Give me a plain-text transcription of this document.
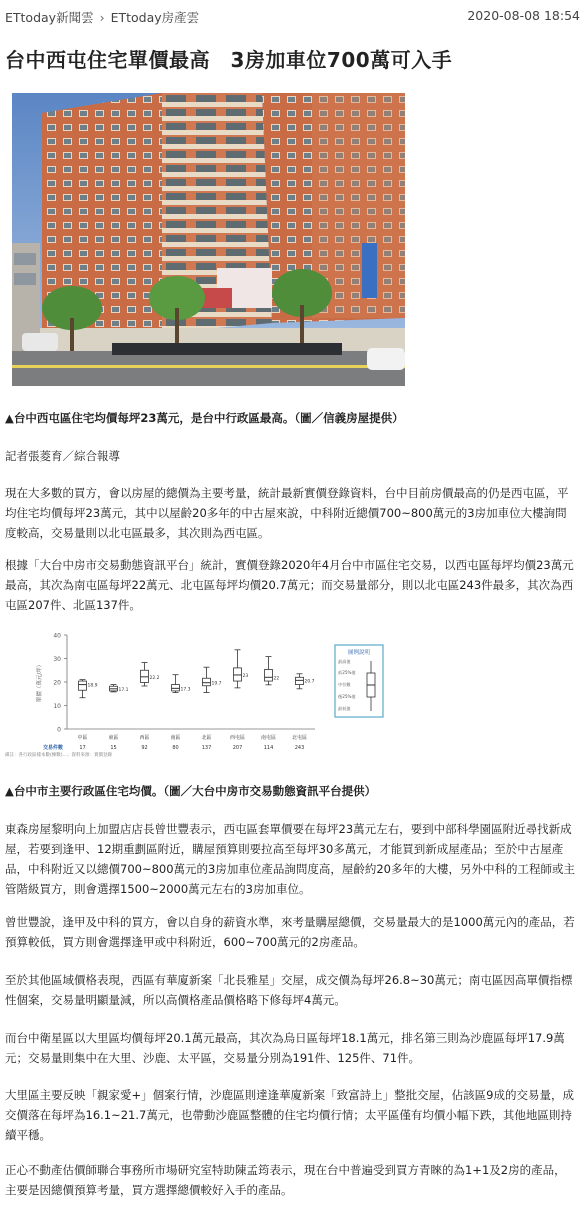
ETtoday新聞雲 › ETtoday房產雲	2020-08-08 18:54
台中西屯住宅單價最高　3房加車位700萬可入手
▲台中西屯區住宅均價每坪23萬元，是台中行政區最高。（圖／信義房屋提供）
記者張菱育／綜合報導
現在大多數的買方，會以房屋的總價為主要考量，統計最新實價登錄資料，台中目前房價最高的仍是西屯區，平均住宅均價每坪23萬元，其中以屋齡20多年的中古屋來說，中科附近總價700~800萬元的3房加車位大樓詢問度較高，交易量則以北屯區最多，其次則為西屯區。
根據「大台中房市交易動態資訊平台」統計，實價登錄2020年4月台中市區住宅交易，以西屯區每坪均價23萬元最高，其次為南屯區每坪22萬元、北屯區每坪均價20.7萬元；而交易量部分，則以北屯區243件最多，其次為西屯區207件、北區137件。
0
10
20
30
40
單價（萬元/坪）	18.9
中區
17
17.1
東區
15
22.2
西區
92
17.3
南區
80
19.7
北區
137
23
西屯區
207
22
南屯區
114
20.7
北屯區
243
交易件數
備註：各行政區樣本數(棟數)…；資料來源：實價登錄
圖例說明
最高值
前25%值
中位數
後25%值
最低值
▲台中市主要行政區住宅均價。（圖／大台中房市交易動態資訊平台提供）
東森房屋黎明向上加盟店店長曾世豐表示，西屯區套單價要在每坪23萬元左右，要到中部科學園區附近尋找新成屋，若要到逢甲、12期重劃區附近，購屋預算則要拉高至每坪30多萬元，才能買到新成屋產品；至於中古屋產品，中科附近又以總價700~800萬元的3房加車位產品詢問度高，屋齡約20多年的大樓，另外中科的工程師或主管階級買方，則會選擇1500~2000萬元左右的3房加車位。
曾世豐說，逢甲及中科的買方，會以自身的薪資水準，來考量購屋總價，交易量最大的是1000萬元內的產品，若預算較低，買方則會選擇逢甲或中科附近，600~700萬元的2房產品。
至於其他區域價格表現，西區有華廈新案「北長雅星」交屋，成交價為每坪26.8~30萬元；南屯區因高單價指標性個案，交易量明顯量減，所以高價格產品價格略下修每坪4萬元。
而台中衛星區以大里區均價每坪20.1萬元最高，其次為烏日區每坪18.1萬元，排名第三則為沙鹿區每坪17.9萬元；交易量則集中在大里、沙鹿、太平區，交易量分別為191件、125件、71件。
大里區主要反映「親家愛+」個案行情，沙鹿區則達逢華廈新案「致富詩上」整批交屋，佔該區9成的交易量，成交價落在每坪為16.1~21.7萬元，也帶動沙鹿區整體的住宅均價行情；太平區僅有均價小幅下跌，其他地區則持續平穩。
正心不動產估價師聯合事務所市場研究室特助陳孟筠表示，現在台中普遍受到買方青睞的為1+1及2房的產品，主要是因總價預算考量，買方選擇總價較好入手的產品。
